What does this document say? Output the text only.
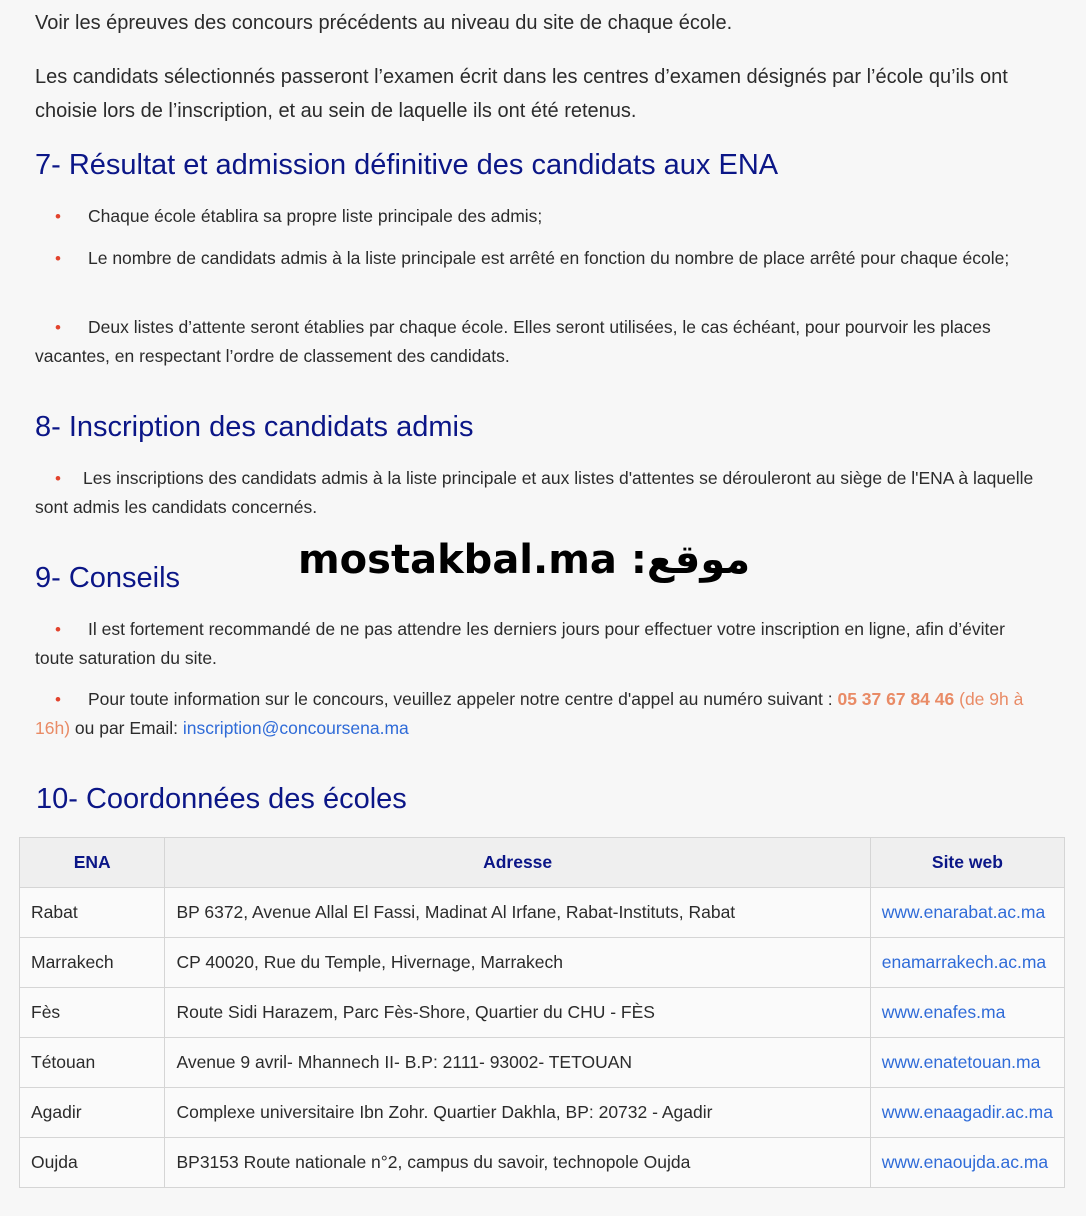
Voir les épreuves des concours précédents au niveau du site de chaque école.

Les candidats sélectionnés passeront l’examen écrit dans les centres d’examen désignés par l’école qu’ils ont choisie lors de l’inscription, et au sein de laquelle ils ont été retenus.

7- Résultat et admission définitive des candidats aux ENA

• Chaque école établira sa propre liste principale des admis;

• Le nombre de candidats admis à la liste principale est arrêté en fonction du nombre de place arrêté pour chaque école;

• Deux listes d’attente seront établies par chaque école. Elles seront utilisées, le cas échéant, pour pourvoir les places vacantes, en respectant l’ordre de classement des candidats.

8- Inscription des candidats admis

• Les inscriptions des candidats admis à la liste principale et aux listes d'attentes se dérouleront au siège de l'ENA à laquelle sont admis les candidats concernés.

9- Conseils

• Il est fortement recommandé de ne pas attendre les derniers jours pour effectuer votre inscription en ligne, afin d’éviter toute saturation du site.

• Pour toute information sur le concours, veuillez appeler notre centre d'appel au numéro suivant : 05 37 67 84 46 (de 9h à 16h) ou par Email: inscription@concoursena.ma

10- Coordonnées des écoles
mostakbal.ma :موقع
ENA	Adresse	Site web
Rabat	BP 6372, Avenue Allal El Fassi, Madinat Al Irfane, Rabat-Instituts, Rabat	www.enarabat.ac.ma
Marrakech	CP 40020, Rue du Temple, Hivernage, Marrakech	enamarrakech.ac.ma
Fès	Route Sidi Harazem, Parc Fès-Shore, Quartier du CHU - FÈS	www.enafes.ma
Tétouan	Avenue 9 avril- Mhannech II- B.P: 2111- 93002- TETOUAN	www.enatetouan.ma
Agadir	Complexe universitaire Ibn Zohr. Quartier Dakhla, BP: 20732 - Agadir	www.enaagadir.ac.ma
Oujda	BP3153 Route nationale n°2, campus du savoir, technopole Oujda	www.enaoujda.ac.ma
